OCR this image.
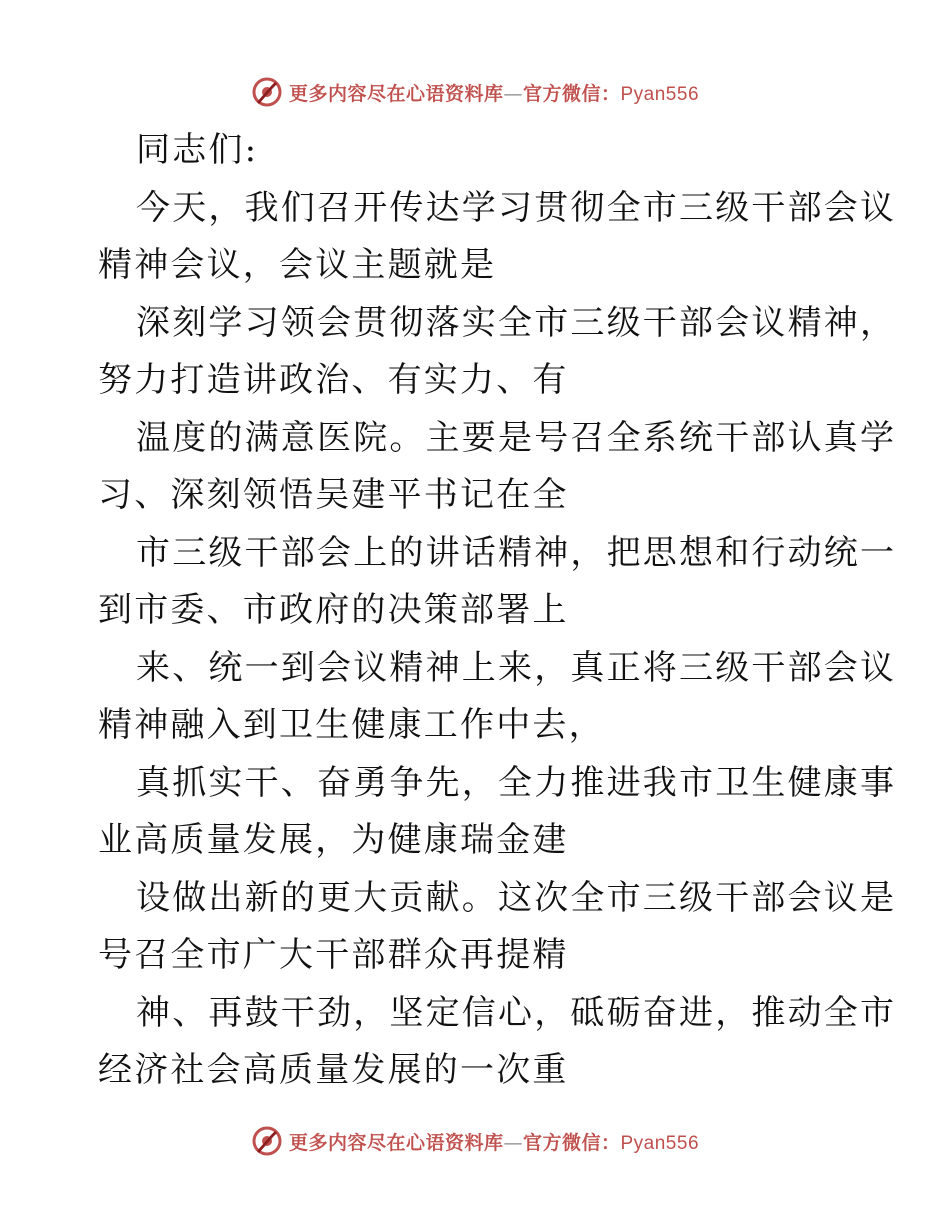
更多内容尽在心语资料库—官方微信：Pyan556
同志们:
今天，我们召开传达学习贯彻全市三级干部会议
精神会议，会议主题就是
深刻学习领会贯彻落实全市三级干部会议精神，
努力打造讲政治、有实力、有
温度的满意医院。主要是号召全系统干部认真学
习、深刻领悟吴建平书记在全
市三级干部会上的讲话精神，把思想和行动统一
到市委、市政府的决策部署上
来、统一到会议精神上来，真正将三级干部会议
精神融入到卫生健康工作中去，
真抓实干、奋勇争先，全力推进我市卫生健康事
业高质量发展，为健康瑞金建
设做出新的更大贡献。这次全市三级干部会议是
号召全市广大干部群众再提精
神、再鼓干劲，坚定信心，砥砺奋进，推动全市
经济社会高质量发展的一次重
更多内容尽在心语资料库—官方微信：Pyan556
